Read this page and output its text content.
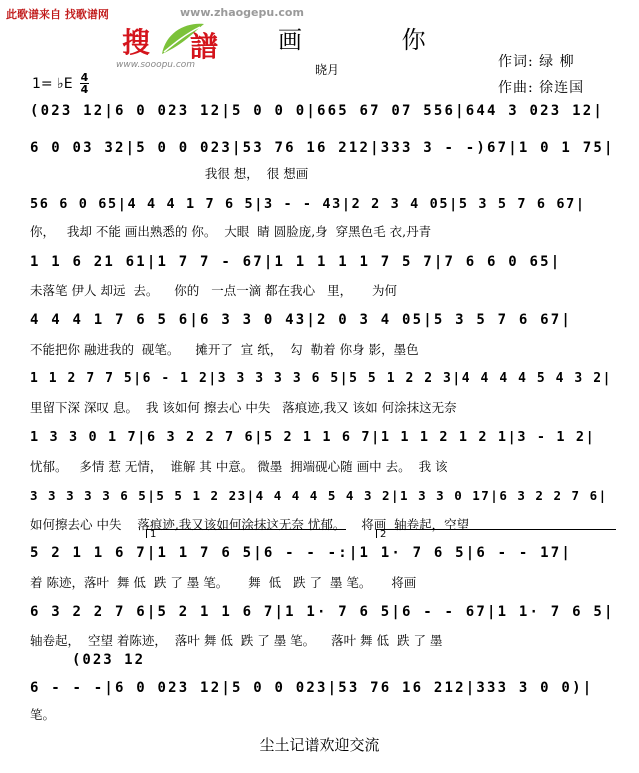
此歌谱来自 找歌谱网	www.zhaogepu.com
搜 譜
www.sooopu.com
画 你
晓月	作词: 绿 柳
作曲: 徐连国
1= ♭E 4
4
(023 12|6 0 023 12|5 0 0 0|665 67 07 556|644 3 023 12|
6 0 03 32|5 0 0 023|53 76 16 212|333 3 - -)67|1 0 1 75|
我很 想，  很 想画
56 6 0 65|4 4 4 1 7 6 5|3 - - 43|2 2 3 4 05|5 3 5 7 6 67|
你，   我却 不能 画出熟悉的 你。  大眼  睛 圆脸庞,身  穿黑色毛 衣,丹青
1 1 6 21 61|1 7 7 - 67|1 1 1 1 1 7 5 7|7 6 6 0 65|
未落笔 伊人 却远  去。    你的   一点一滴 都在我心   里，     为何
4 4 4 1 7 6 5 6|6 3 3 0 43|2 0 3 4 05|5 3 5 7 6 67|
不能把你 融进我的  砚笔。    摊开了  宣 纸，  勾  勒着 你身 影，墨色
1 1 2 7 7 5|6 - 1 2|3 3 3 3 3 6 5|5 5 1 2 2 3|4 4 4 4 5 4 3 2|
里留下深 深叹 息。  我 该如何 擦去心 中失   落痕迹,我又 该如 何涂抹这无奈
1 3 3 0 1 7|6 3 2 2 7 6|5 2 1 1 6 7|1 1 1 2 1 2 1|3 - 1 2|
忧郁。   多情 惹 无情，  谁解 其 中意。 微墨  拥端砚心随 画中 去。  我 该
3 3 3 3 3 6 5|5 5 1 2 23|4 4 4 4 5 4 3 2|1 3 3 0 17|6 3 2 2 7 6|
如何擦去心 中失    落痕迹,我又该如何涂抹这无奈 忧郁。    将画  轴卷起，空望
1	2
5 2 1 1 6 7|1 1 7 6 5|6 - - -:|1 1· 7 6 5|6 - - 17|
着 陈迹，落叶  舞 低  跌 了 墨 笔。     舞  低   跌 了  墨 笔。     将画
6 3 2 2 7 6|5 2 1 1 6 7|1 1· 7 6 5|6 - - 67|1 1· 7 6 5|
轴卷起，  空望 着陈迹，  落叶 舞 低  跌 了 墨 笔。    落叶 舞 低  跌 了 墨
(023 12
6 - - -|6 0 023 12|5 0 0 023|53 76 16 212|333 3 0 0)|
笔。
尘土记谱欢迎交流
